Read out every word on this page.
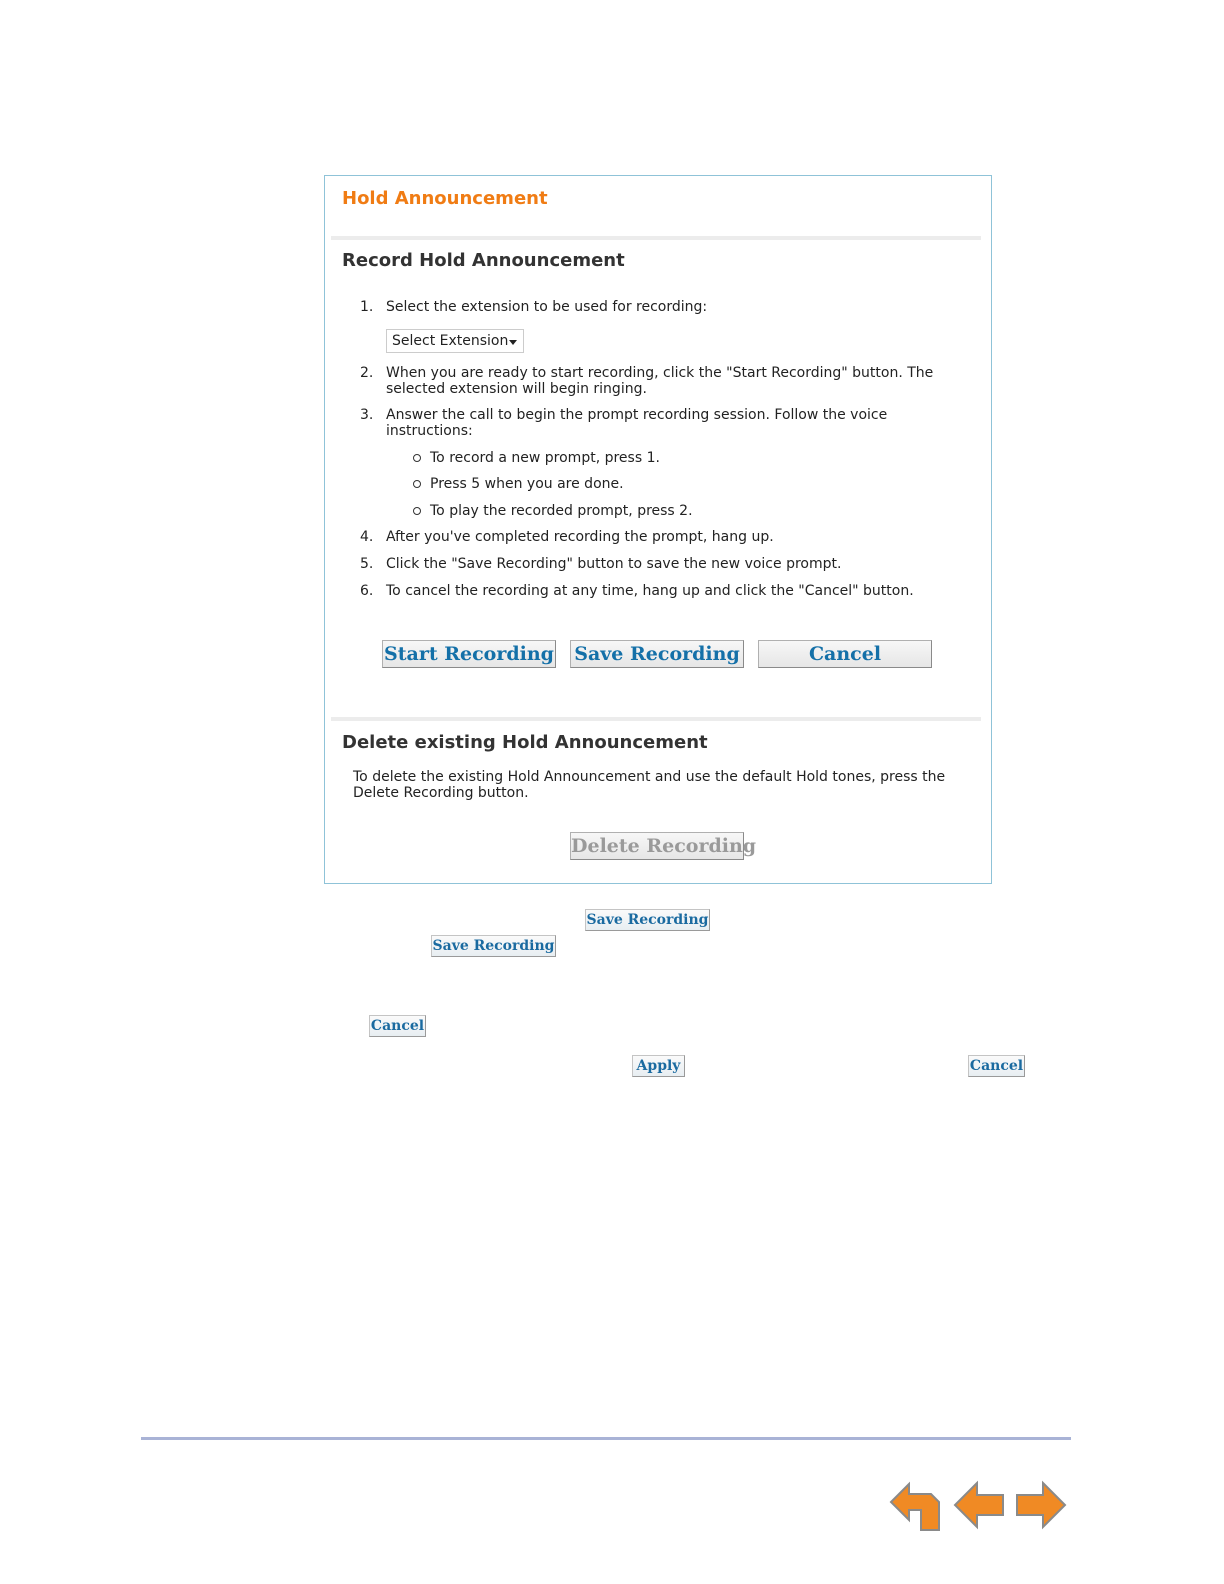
Hold Announcement
Record Hold Announcement
1. Select the extension to be used for recording:
Select Extension
2. When you are ready to start recording, click the "Start Recording" button. The
selected extension will begin ringing.
3. Answer the call to begin the prompt recording session. Follow the voice
instructions:
To record a new prompt, press 1.
Press 5 when you are done.
To play the recorded prompt, press 2.
4. After you've completed recording the prompt, hang up.
5. Click the "Save Recording" button to save the new voice prompt.
6. To cancel the recording at any time, hang up and click the "Cancel" button.
Start Recording Save Recording	Cancel
Delete existing Hold Announcement
To delete the existing Hold Announcement and use the default Hold tones, press the
Delete Recording button.
Delete Recording
Save Recording
Save Recording
Cancel
Apply	Cancel
